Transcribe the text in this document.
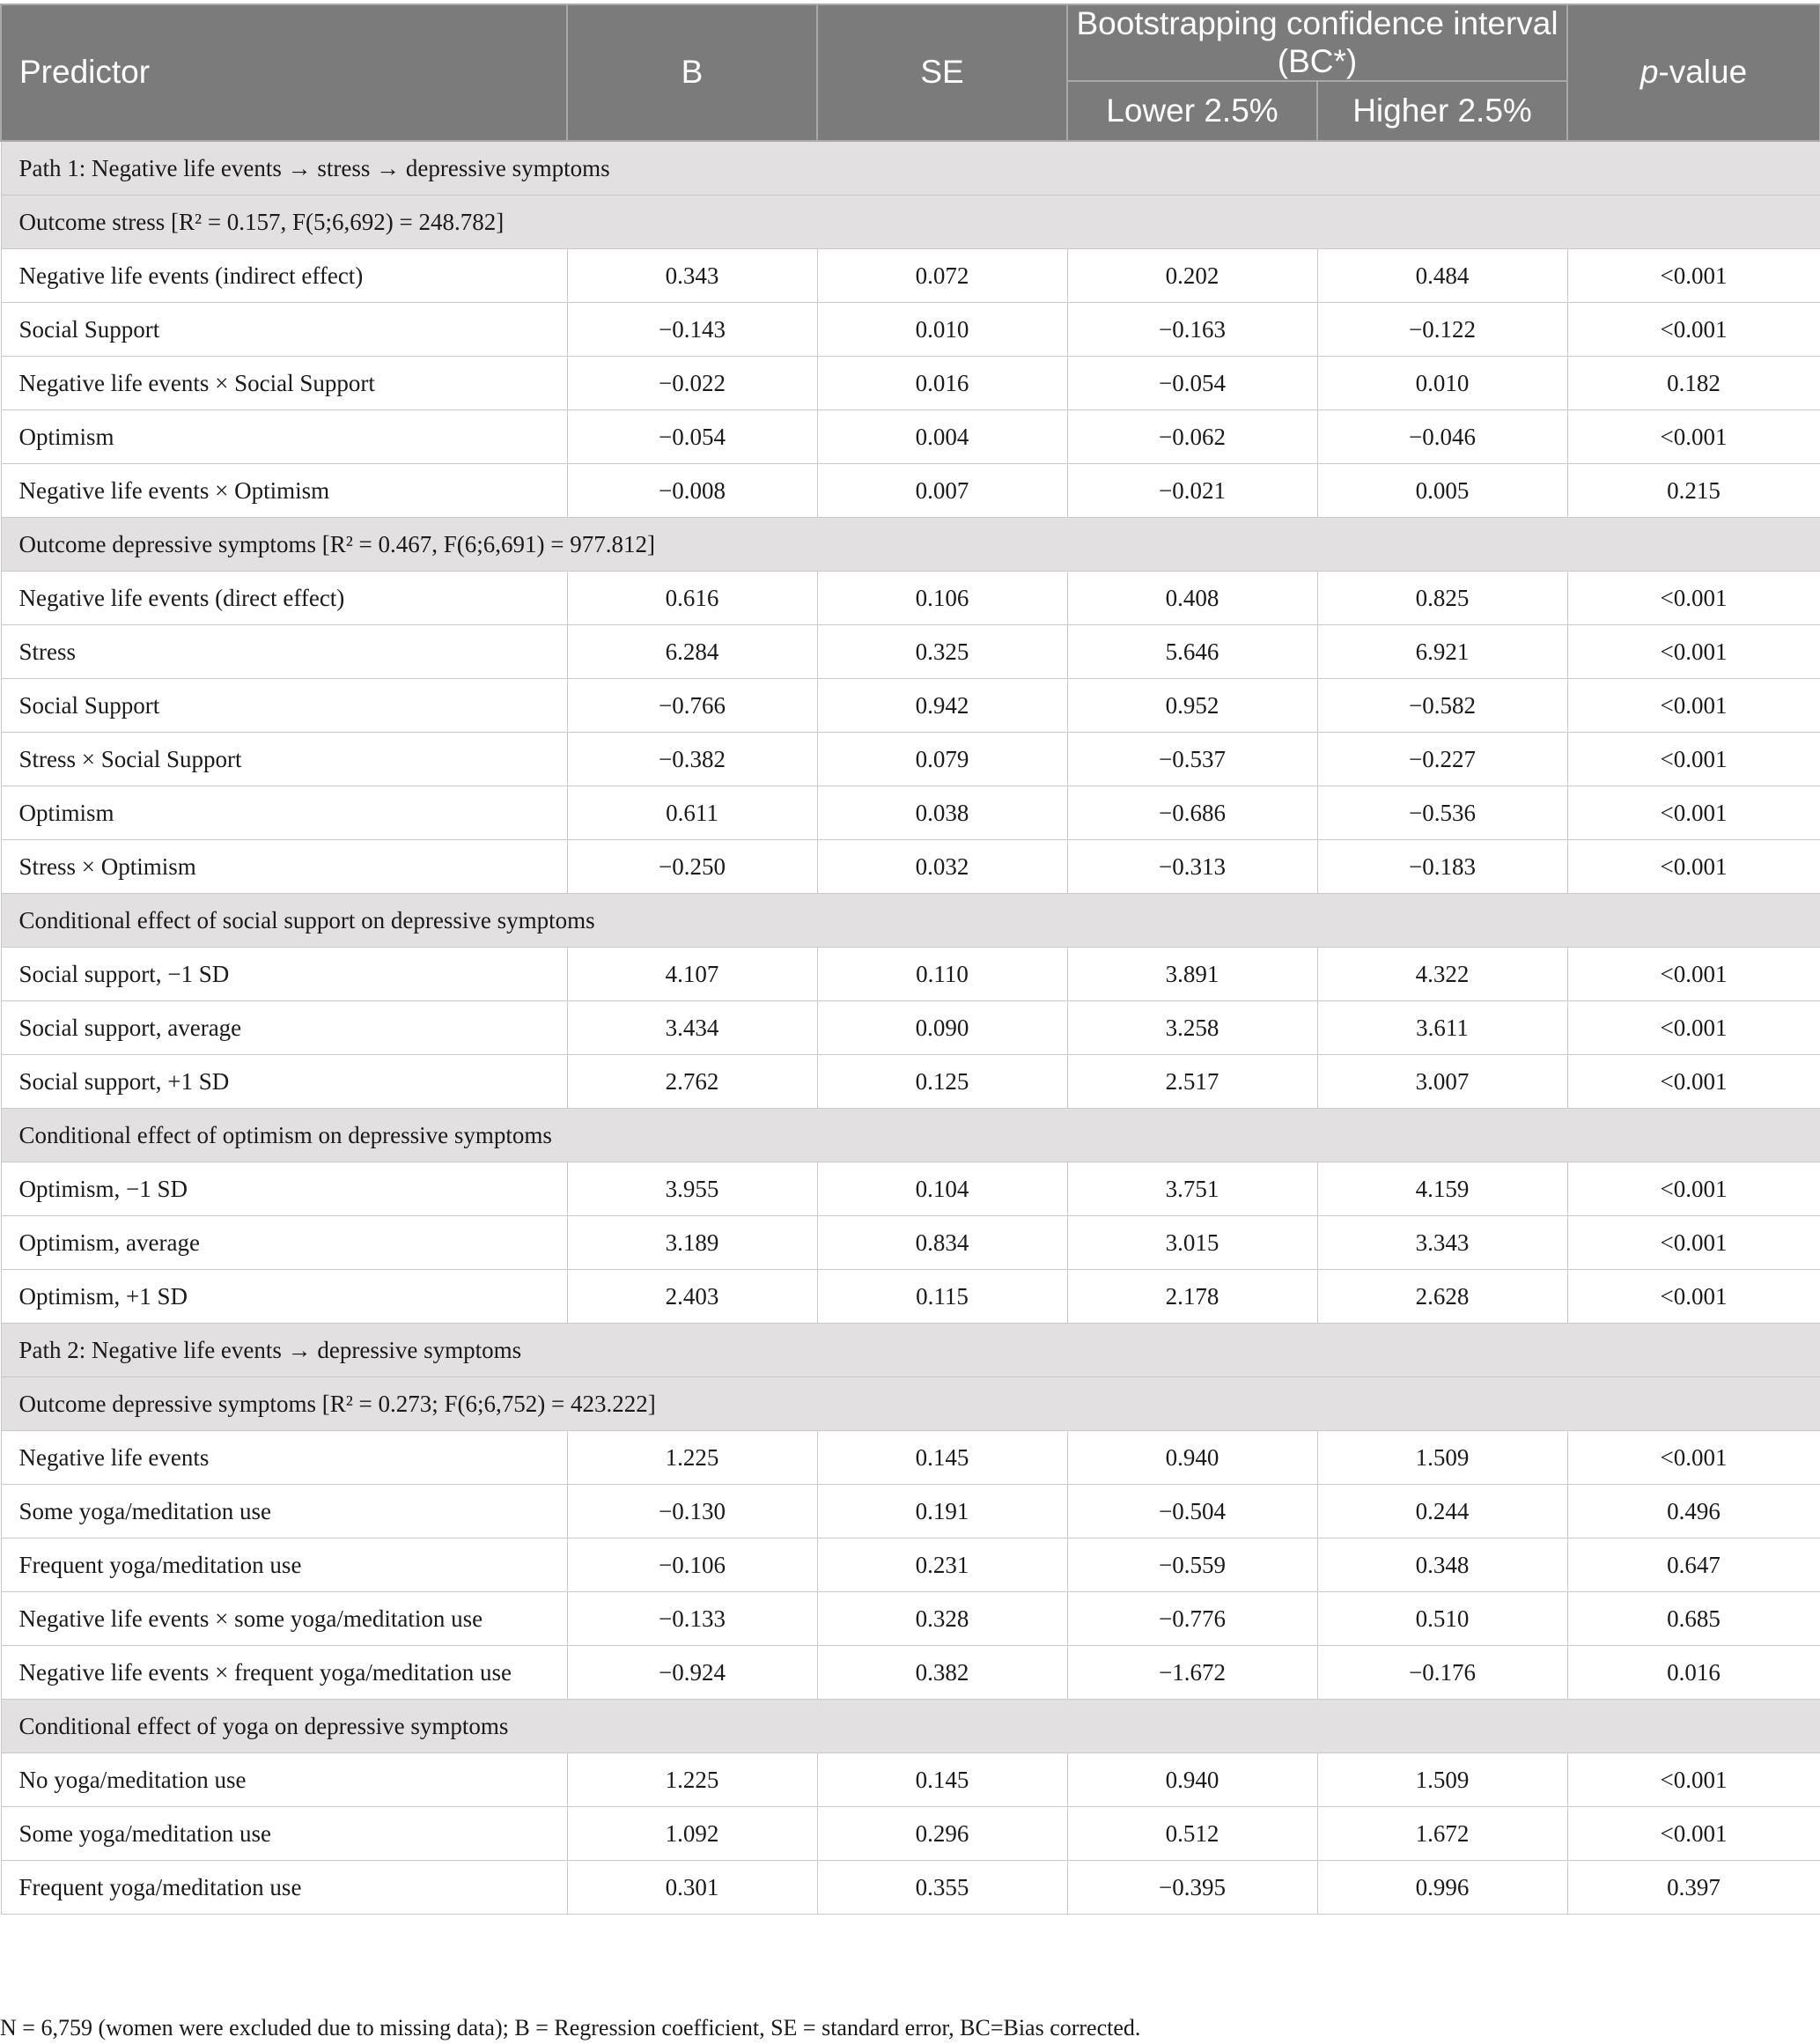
Predictor	B	SE	Bootstrapping confidence interval (BC*)		p-value
			Lower 2.5%	Higher 2.5%	
Path 1: Negative life events → stress → depressive symptoms					
Outcome stress [R² = 0.157, F(5;6,692) = 248.782]					
Negative life events (indirect effect)	0.343	0.072	0.202	0.484	<0.001
Social Support	−0.143	0.010	−0.163	−0.122	<0.001
Negative life events × Social Support	−0.022	0.016	−0.054	0.010	0.182
Optimism	−0.054	0.004	−0.062	−0.046	<0.001
Negative life events × Optimism	−0.008	0.007	−0.021	0.005	0.215
Outcome depressive symptoms [R² = 0.467, F(6;6,691) = 977.812]					
Negative life events (direct effect)	0.616	0.106	0.408	0.825	<0.001
Stress	6.284	0.325	5.646	6.921	<0.001
Social Support	−0.766	0.942	0.952	−0.582	<0.001
Stress × Social Support	−0.382	0.079	−0.537	−0.227	<0.001
Optimism	0.611	0.038	−0.686	−0.536	<0.001
Stress × Optimism	−0.250	0.032	−0.313	−0.183	<0.001
Conditional effect of social support on depressive symptoms					
Social support, −1 SD	4.107	0.110	3.891	4.322	<0.001
Social support, average	3.434	0.090	3.258	3.611	<0.001
Social support, +1 SD	2.762	0.125	2.517	3.007	<0.001
Conditional effect of optimism on depressive symptoms					
Optimism, −1 SD	3.955	0.104	3.751	4.159	<0.001
Optimism, average	3.189	0.834	3.015	3.343	<0.001
Optimism, +1 SD	2.403	0.115	2.178	2.628	<0.001
Path 2: Negative life events → depressive symptoms					
Outcome depressive symptoms [R² = 0.273; F(6;6,752) = 423.222]					
Negative life events	1.225	0.145	0.940	1.509	<0.001
Some yoga/meditation use	−0.130	0.191	−0.504	0.244	0.496
Frequent yoga/meditation use	−0.106	0.231	−0.559	0.348	0.647
Negative life events × some yoga/meditation use	−0.133	0.328	−0.776	0.510	0.685
Negative life events × frequent yoga/meditation use	−0.924	0.382	−1.672	−0.176	0.016
Conditional effect of yoga on depressive symptoms					
No yoga/meditation use	1.225	0.145	0.940	1.509	<0.001
Some yoga/meditation use	1.092	0.296	0.512	1.672	<0.001
Frequent yoga/meditation use	0.301	0.355	−0.395	0.996	0.397
N = 6,759 (women were excluded due to missing data); B = Regression coefficient, SE = standard error, BC=Bias corrected.
